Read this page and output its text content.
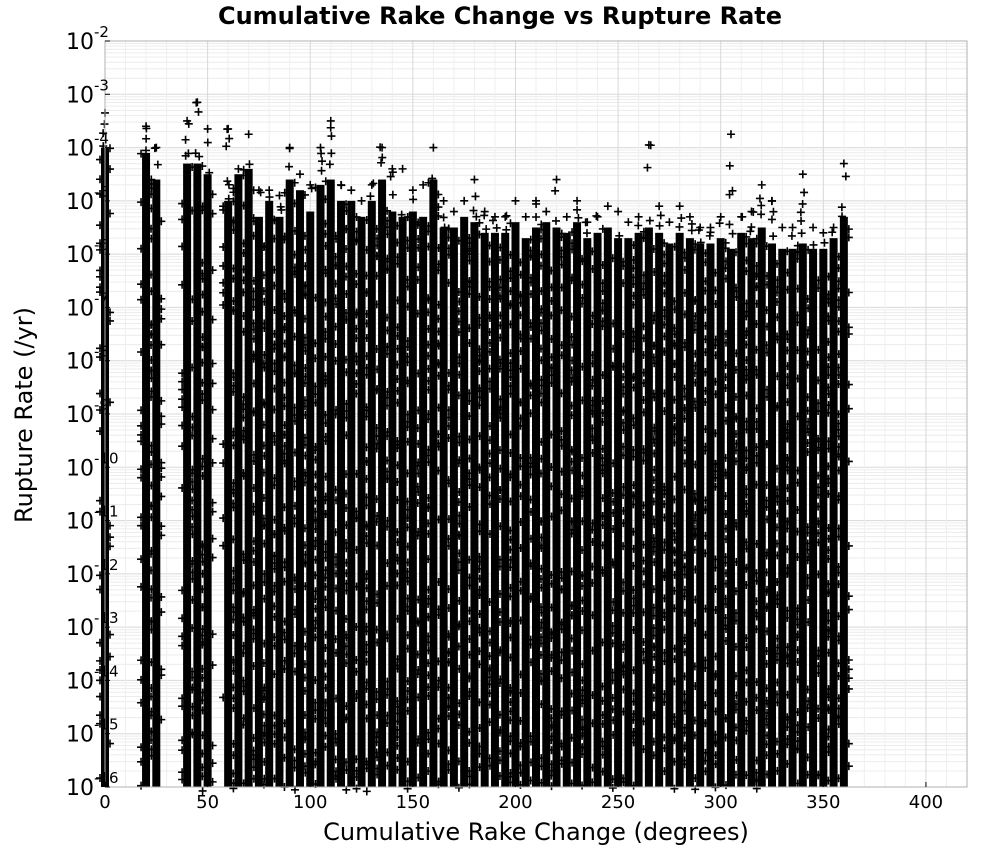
Cumulative Rake Change vs Rupture Rate
Cumulative Rake Change (degrees)
Rupture Rate (/yr)
0	50	100	150	200	250	300	350	400
$10^{-16}$
$10^{-15}$
$10^{-14}$
$10^{-13}$
$10^{-12}$
$10^{-11}$
$10^{-10}$
$10^{-9}$
$10^{-8}$
$10^{-7}$
$10^{-6}$
$10^{-5}$
$10^{-4}$
$10^{-3}$
$10^{-2}$
